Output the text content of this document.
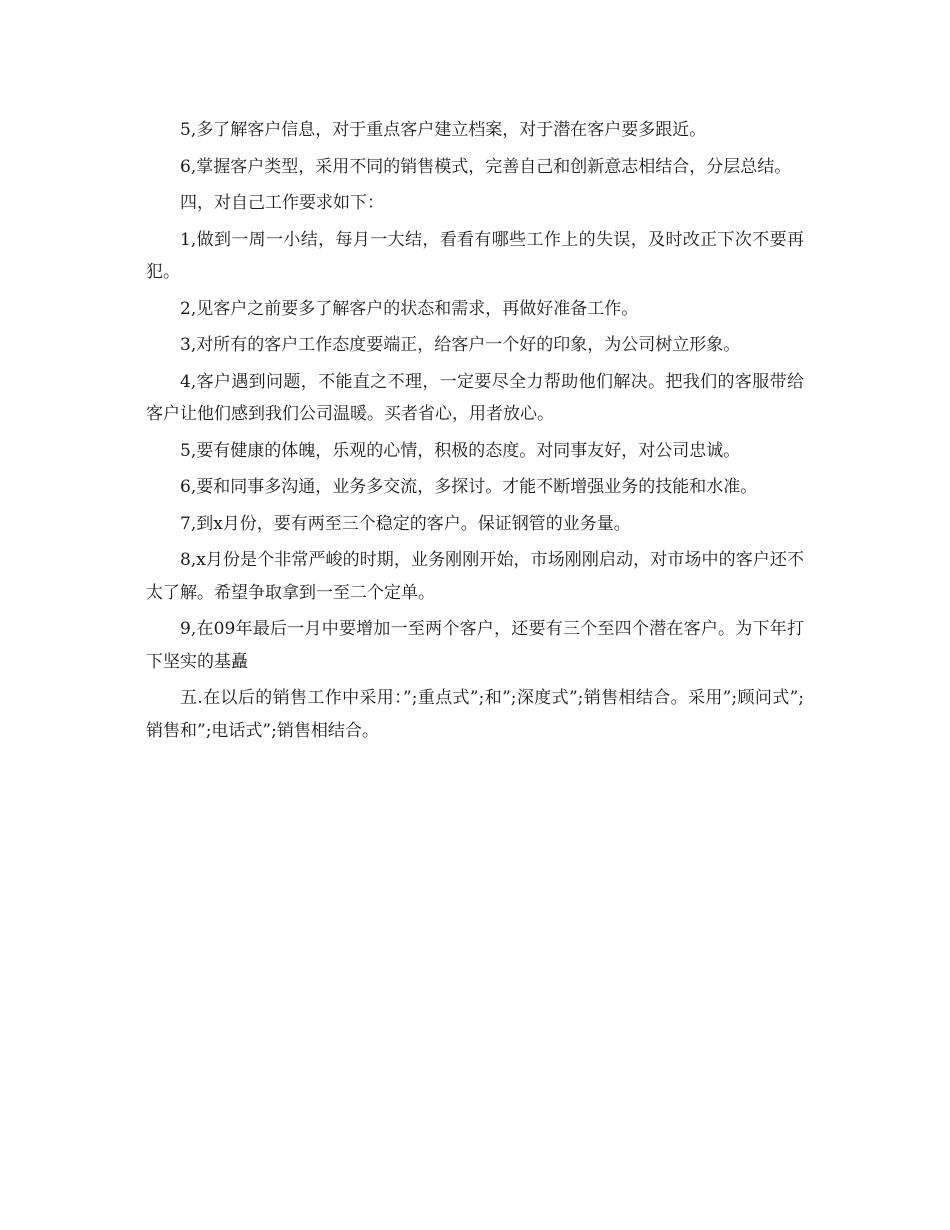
5,多了解客户信息，对于重点客户建立档案，对于潜在客户要多跟近。

6,掌握客户类型，采用不同的销售模式，完善自己和创新意志相结合，分层总结。

四，对自己工作要求如下：

1,做到一周一小结，每月一大结，看看有哪些工作上的失误，及时改正下次不要再犯。

2,见客户之前要多了解客户的状态和需求，再做好准备工作。

3,对所有的客户工作态度要端正，给客户一个好的印象，为公司树立形象。

4,客户遇到问题，不能直之不理，一定要尽全力帮助他们解决。把我们的客服带给客户让他们感到我们公司温暖。买者省心，用者放心。

5,要有健康的体魄，乐观的心情，积极的态度。对同事友好，对公司忠诚。

6,要和同事多沟通，业务多交流，多探讨。才能不断增强业务的技能和水准。

7,到x月份，要有两至三个稳定的客户。保证钢管的业务量。

8,x月份是个非常严峻的时期，业务刚刚开始，市场刚刚启动，对市场中的客户还不太了解。希望争取拿到一至二个定单。

9,在09年最后一月中要增加一至两个客户，还要有三个至四个潜在客户。为下年打下坚实的基矗

五.在以后的销售工作中采用：”;重点式”;和”;深度式”;销售相结合。采用”;顾问式”;销售和”;电话式”;销售相结合。
